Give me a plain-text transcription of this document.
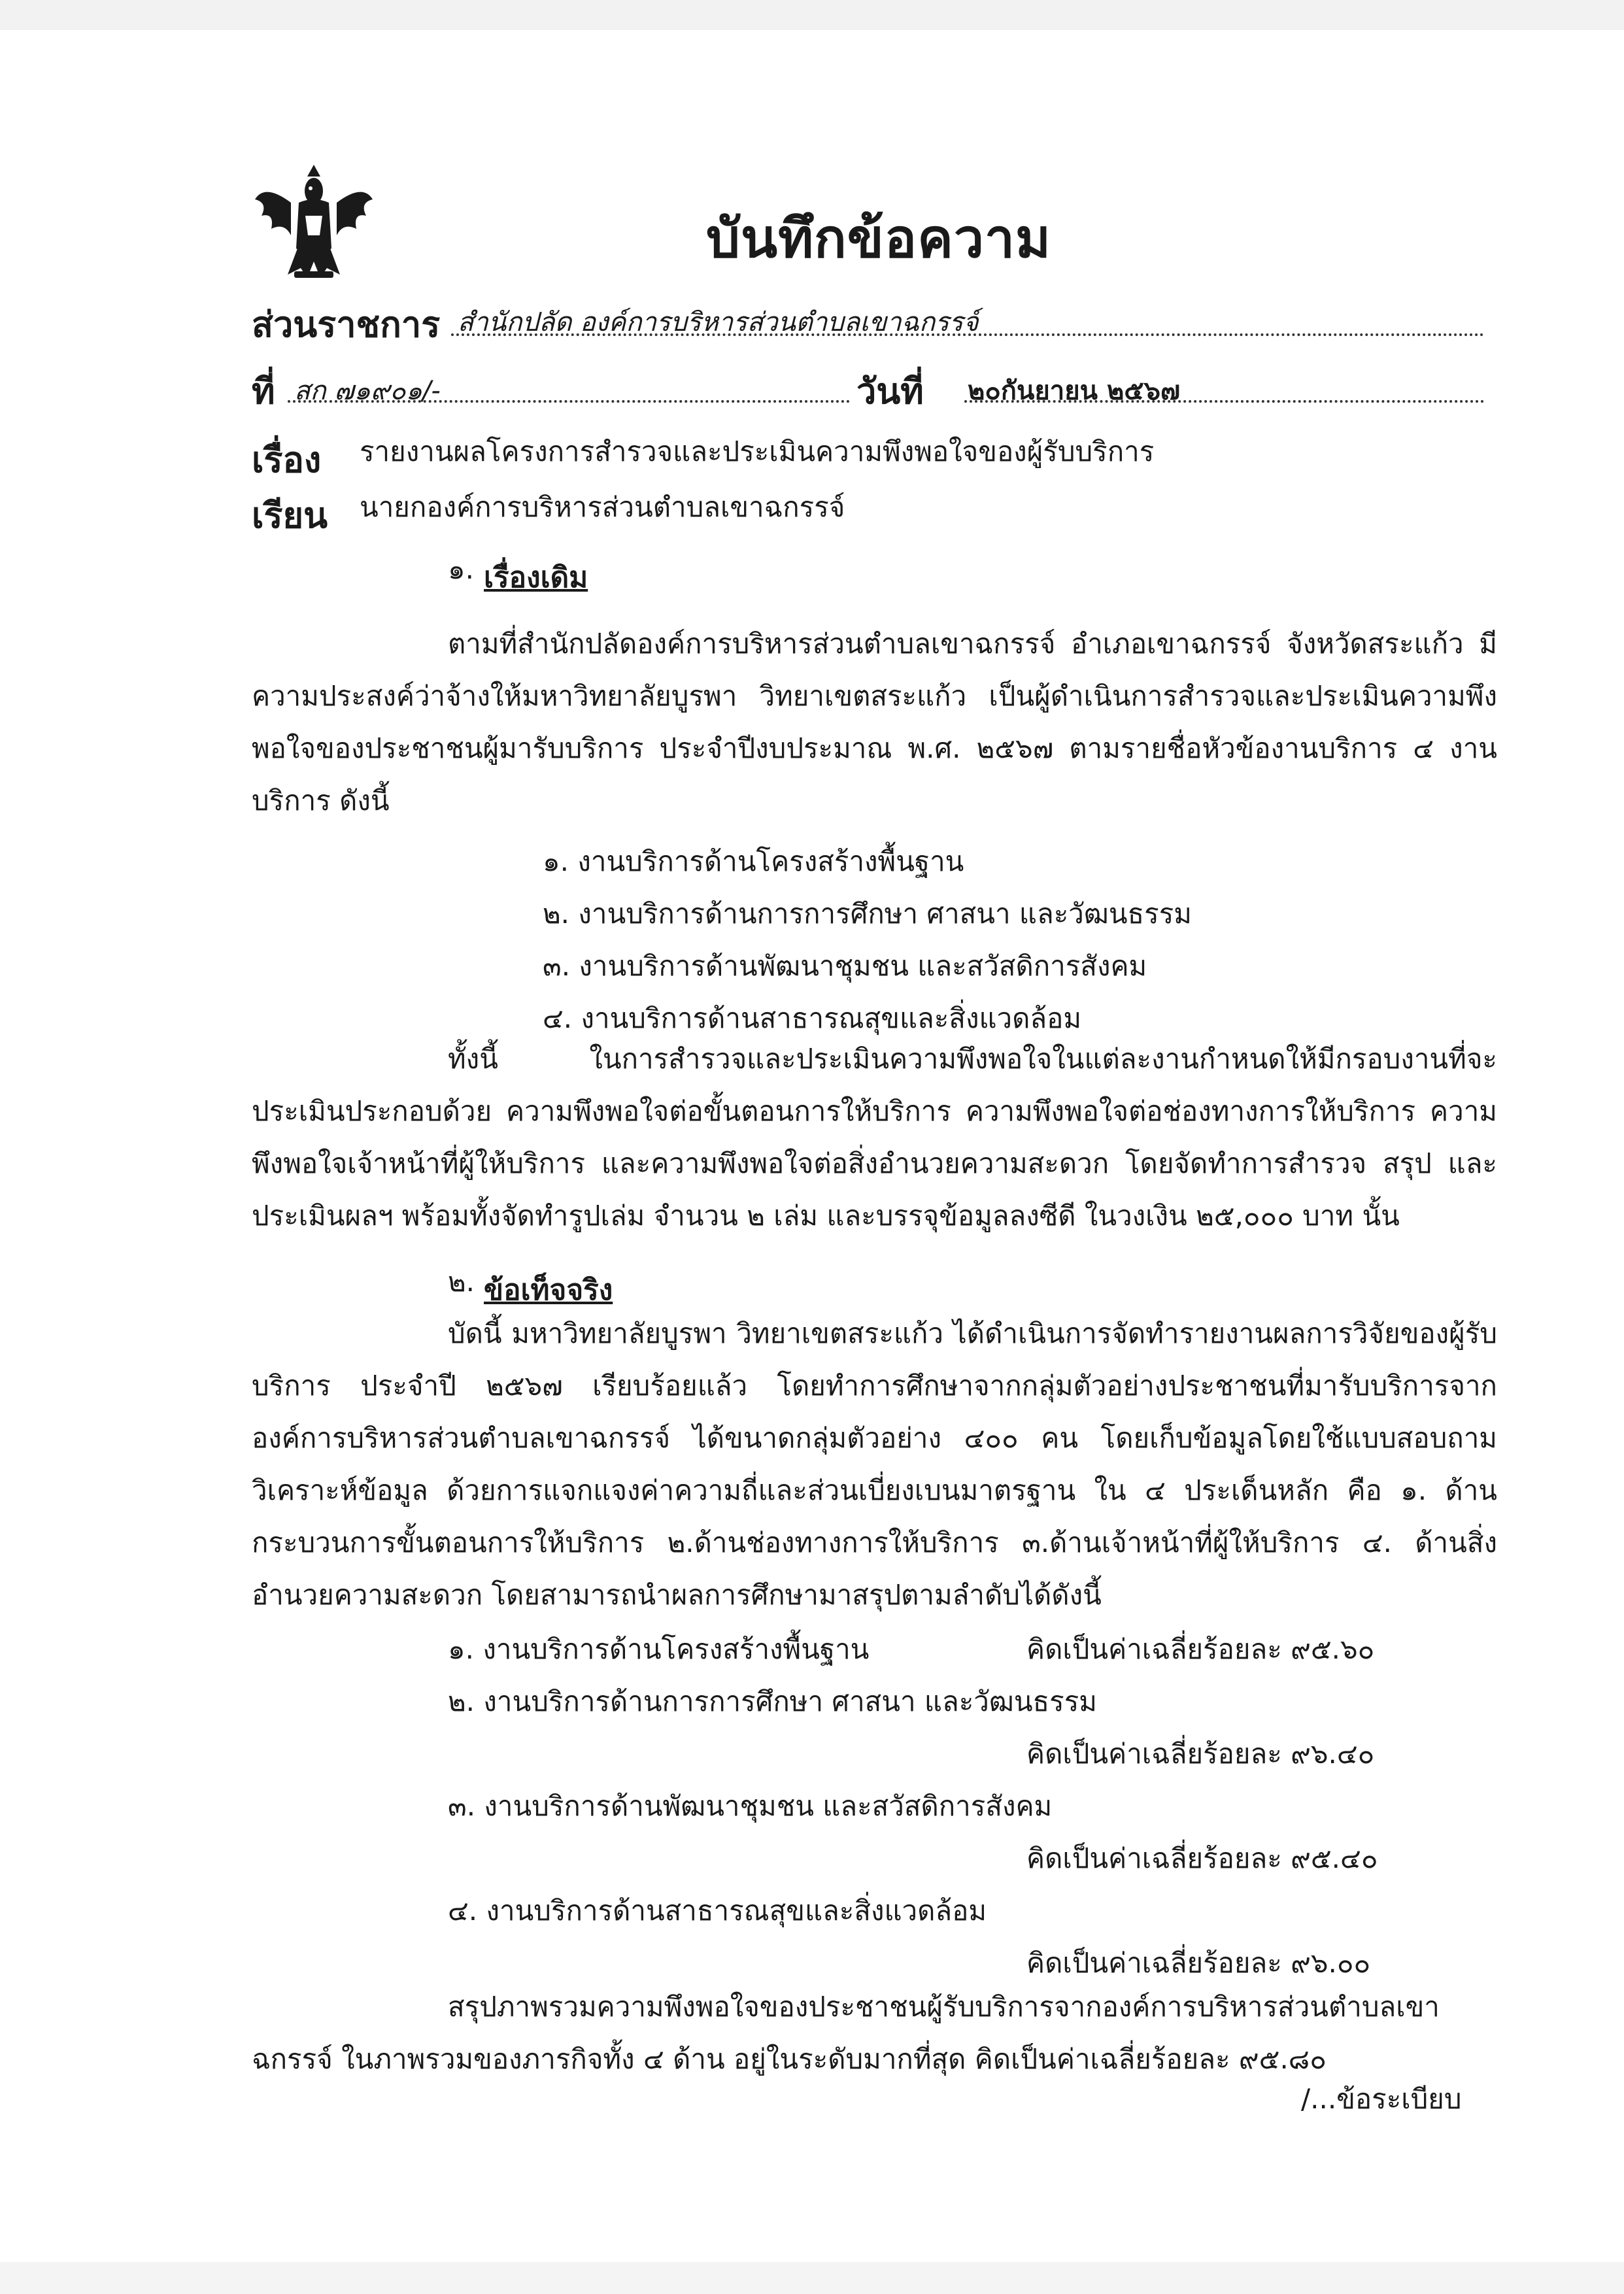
บันทึกข้อความ
ส่วนราชการ สำนักปลัด องค์การบริหารส่วนตำบลเขาฉกรรจ์
ที่ สก ๗๑๙๐๑/-	วันที่ ๒๐กันยายน ๒๕๖๗
เรื่อง รายงานผลโครงการสำรวจและประเมินความพึงพอใจของผู้รับบริการ
เรียน นายกองค์การบริหารส่วนตำบลเขาฉกรรจ์
๑. เรื่องเดิม
ตามที่สำนักปลัดองค์การบริหารส่วนตำบลเขาฉกรรจ์ อำเภอเขาฉกรรจ์ จังหวัดสระแก้ว มีความประสงค์ว่าจ้างให้มหาวิทยาลัยบูรพา วิทยาเขตสระแก้ว เป็นผู้ดำเนินการสำรวจและประเมินความพึงพอใจของประชาชนผู้มารับบริการ ประจำปีงบประมาณ พ.ศ. ๒๕๖๗ ตามรายชื่อหัวข้องานบริการ ๔ งานบริการ ดังนี้
๑. งานบริการด้านโครงสร้างพื้นฐาน
๒. งานบริการด้านการการศึกษา ศาสนา และวัฒนธรรม
๓. งานบริการด้านพัฒนาชุมชน และสวัสดิการสังคม
๔. งานบริการด้านสาธารณสุขและสิ่งแวดล้อม
ทั้งนี้ ในการสำรวจและประเมินความพึงพอใจในแต่ละงานกำหนดให้มีกรอบงานที่จะประเมินประกอบด้วย ความพึงพอใจต่อขั้นตอนการให้บริการ ความพึงพอใจต่อช่องทางการให้บริการ ความพึงพอใจเจ้าหน้าที่ผู้ให้บริการ และความพึงพอใจต่อสิ่งอำนวยความสะดวก โดยจัดทำการสำรวจ สรุป และประเมินผลฯ พร้อมทั้งจัดทำรูปเล่ม จำนวน ๒ เล่ม และบรรจุข้อมูลลงซีดี ในวงเงิน ๒๕,๐๐๐ บาท นั้น
๒. ข้อเท็จจริง
บัดนี้ มหาวิทยาลัยบูรพา วิทยาเขตสระแก้ว ได้ดำเนินการจัดทำรายงานผลการวิจัยของผู้รับบริการ ประจำปี ๒๕๖๗ เรียบร้อยแล้ว โดยทำการศึกษาจากกลุ่มตัวอย่างประชาชนที่มารับบริการจากองค์การบริหารส่วนตำบลเขาฉกรรจ์ ได้ขนาดกลุ่มตัวอย่าง ๔๐๐ คน โดยเก็บข้อมูลโดยใช้แบบสอบถาม วิเคราะห์ข้อมูล ด้วยการแจกแจงค่าความถี่และส่วนเบี่ยงเบนมาตรฐาน ใน ๔ ประเด็นหลัก คือ ๑. ด้านกระบวนการขั้นตอนการให้บริการ ๒.ด้านช่องทางการให้บริการ ๓.ด้านเจ้าหน้าที่ผู้ให้บริการ ๔. ด้านสิ่งอำนวยความสะดวก โดยสามารถนำผลการศึกษามาสรุปตามลำดับได้ดังนี้
๑. งานบริการด้านโครงสร้างพื้นฐาน	คิดเป็นค่าเฉลี่ยร้อยละ ๙๕.๖๐
๒. งานบริการด้านการการศึกษา ศาสนา และวัฒนธรรม
คิดเป็นค่าเฉลี่ยร้อยละ ๙๖.๔๐
๓. งานบริการด้านพัฒนาชุมชน และสวัสดิการสังคม
คิดเป็นค่าเฉลี่ยร้อยละ ๙๕.๔๐
๔. งานบริการด้านสาธารณสุขและสิ่งแวดล้อม
คิดเป็นค่าเฉลี่ยร้อยละ ๙๖.๐๐
สรุปภาพรวมความพึงพอใจของประชาชนผู้รับบริการจากองค์การบริหารส่วนตำบลเขาฉกรรจ์ ในภาพรวมของภารกิจทั้ง ๔ ด้าน อยู่ในระดับมากที่สุด คิดเป็นค่าเฉลี่ยร้อยละ ๙๕.๘๐
/...ข้อระเบียบ
